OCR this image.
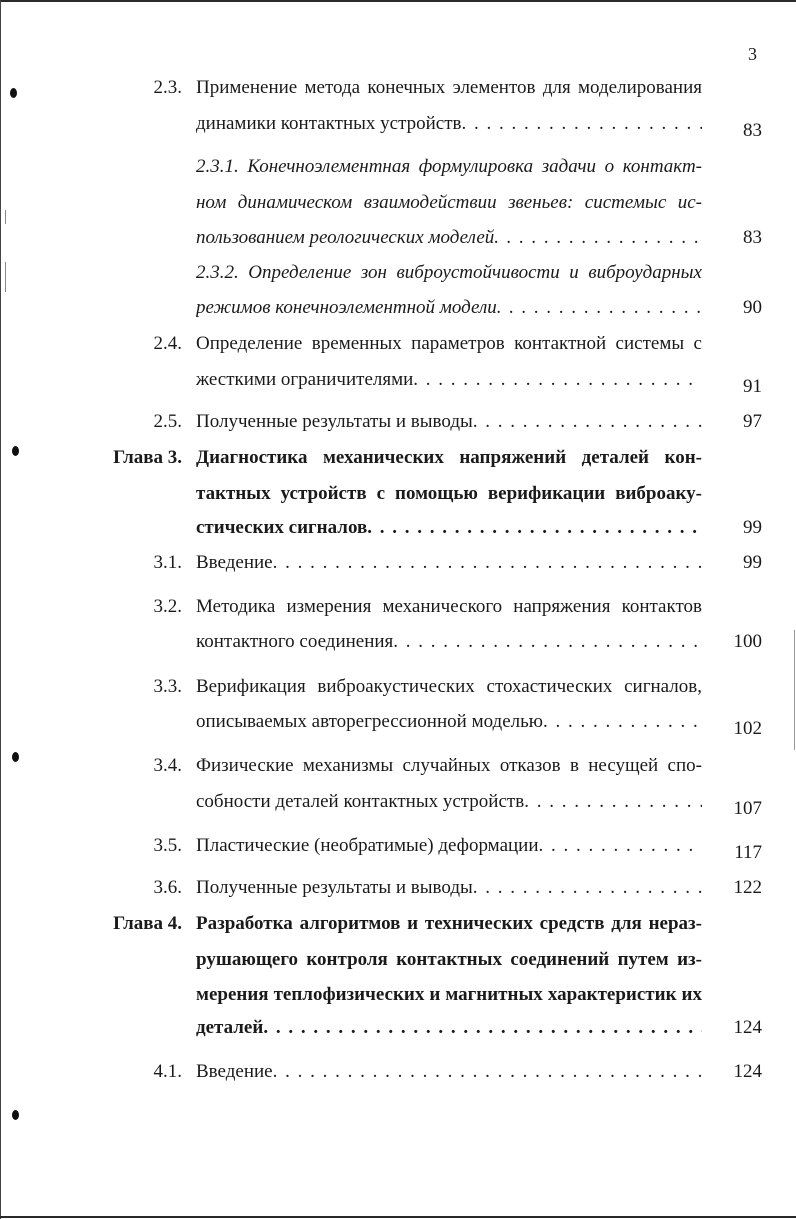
3
2.3. Применение метода конечных элементов для моделирования
динамики контактных устройств . . .	83
2.3.1. Конечноэлементная формулировка задачи о контакт-
ном динамическом взаимодействии звеньев: системыс ис-
пользованием реологических моделей . . .	83
2.3.2. Определение зон виброустойчивости и виброударных
режимов конечноэлементной модели . . .	90
2.4. Определение временных параметров контактной системы с
жесткими ограничителями . . .	91
2.5. Полученные результаты и выводы . . .	97
Глава 3. Диагностика механических напряжений деталей кон-
тактных устройств с помощью верификации виброаку-
стических сигналов . . .	99
3.1. Введение . . .	99
3.2. Методика измерения механического напряжения контактов
контактного соединения . . .	100
3.3. Верификация виброакустических стохастических сигналов,
описываемых авторегрессионной моделью . . .	102
3.4. Физические механизмы случайных отказов в несущей спо-
собности деталей контактных устройств . . .	107
3.5. Пластические (необратимые) деформации . . .	117
3.6. Полученные результаты и выводы . . .	122
Глава 4. Разработка алгоритмов и технических средств для нераз-
рушающего контроля контактных соединений путем из-
мерения теплофизических и магнитных характеристик их
деталей . . .	124
4.1. Введение . . .	124
